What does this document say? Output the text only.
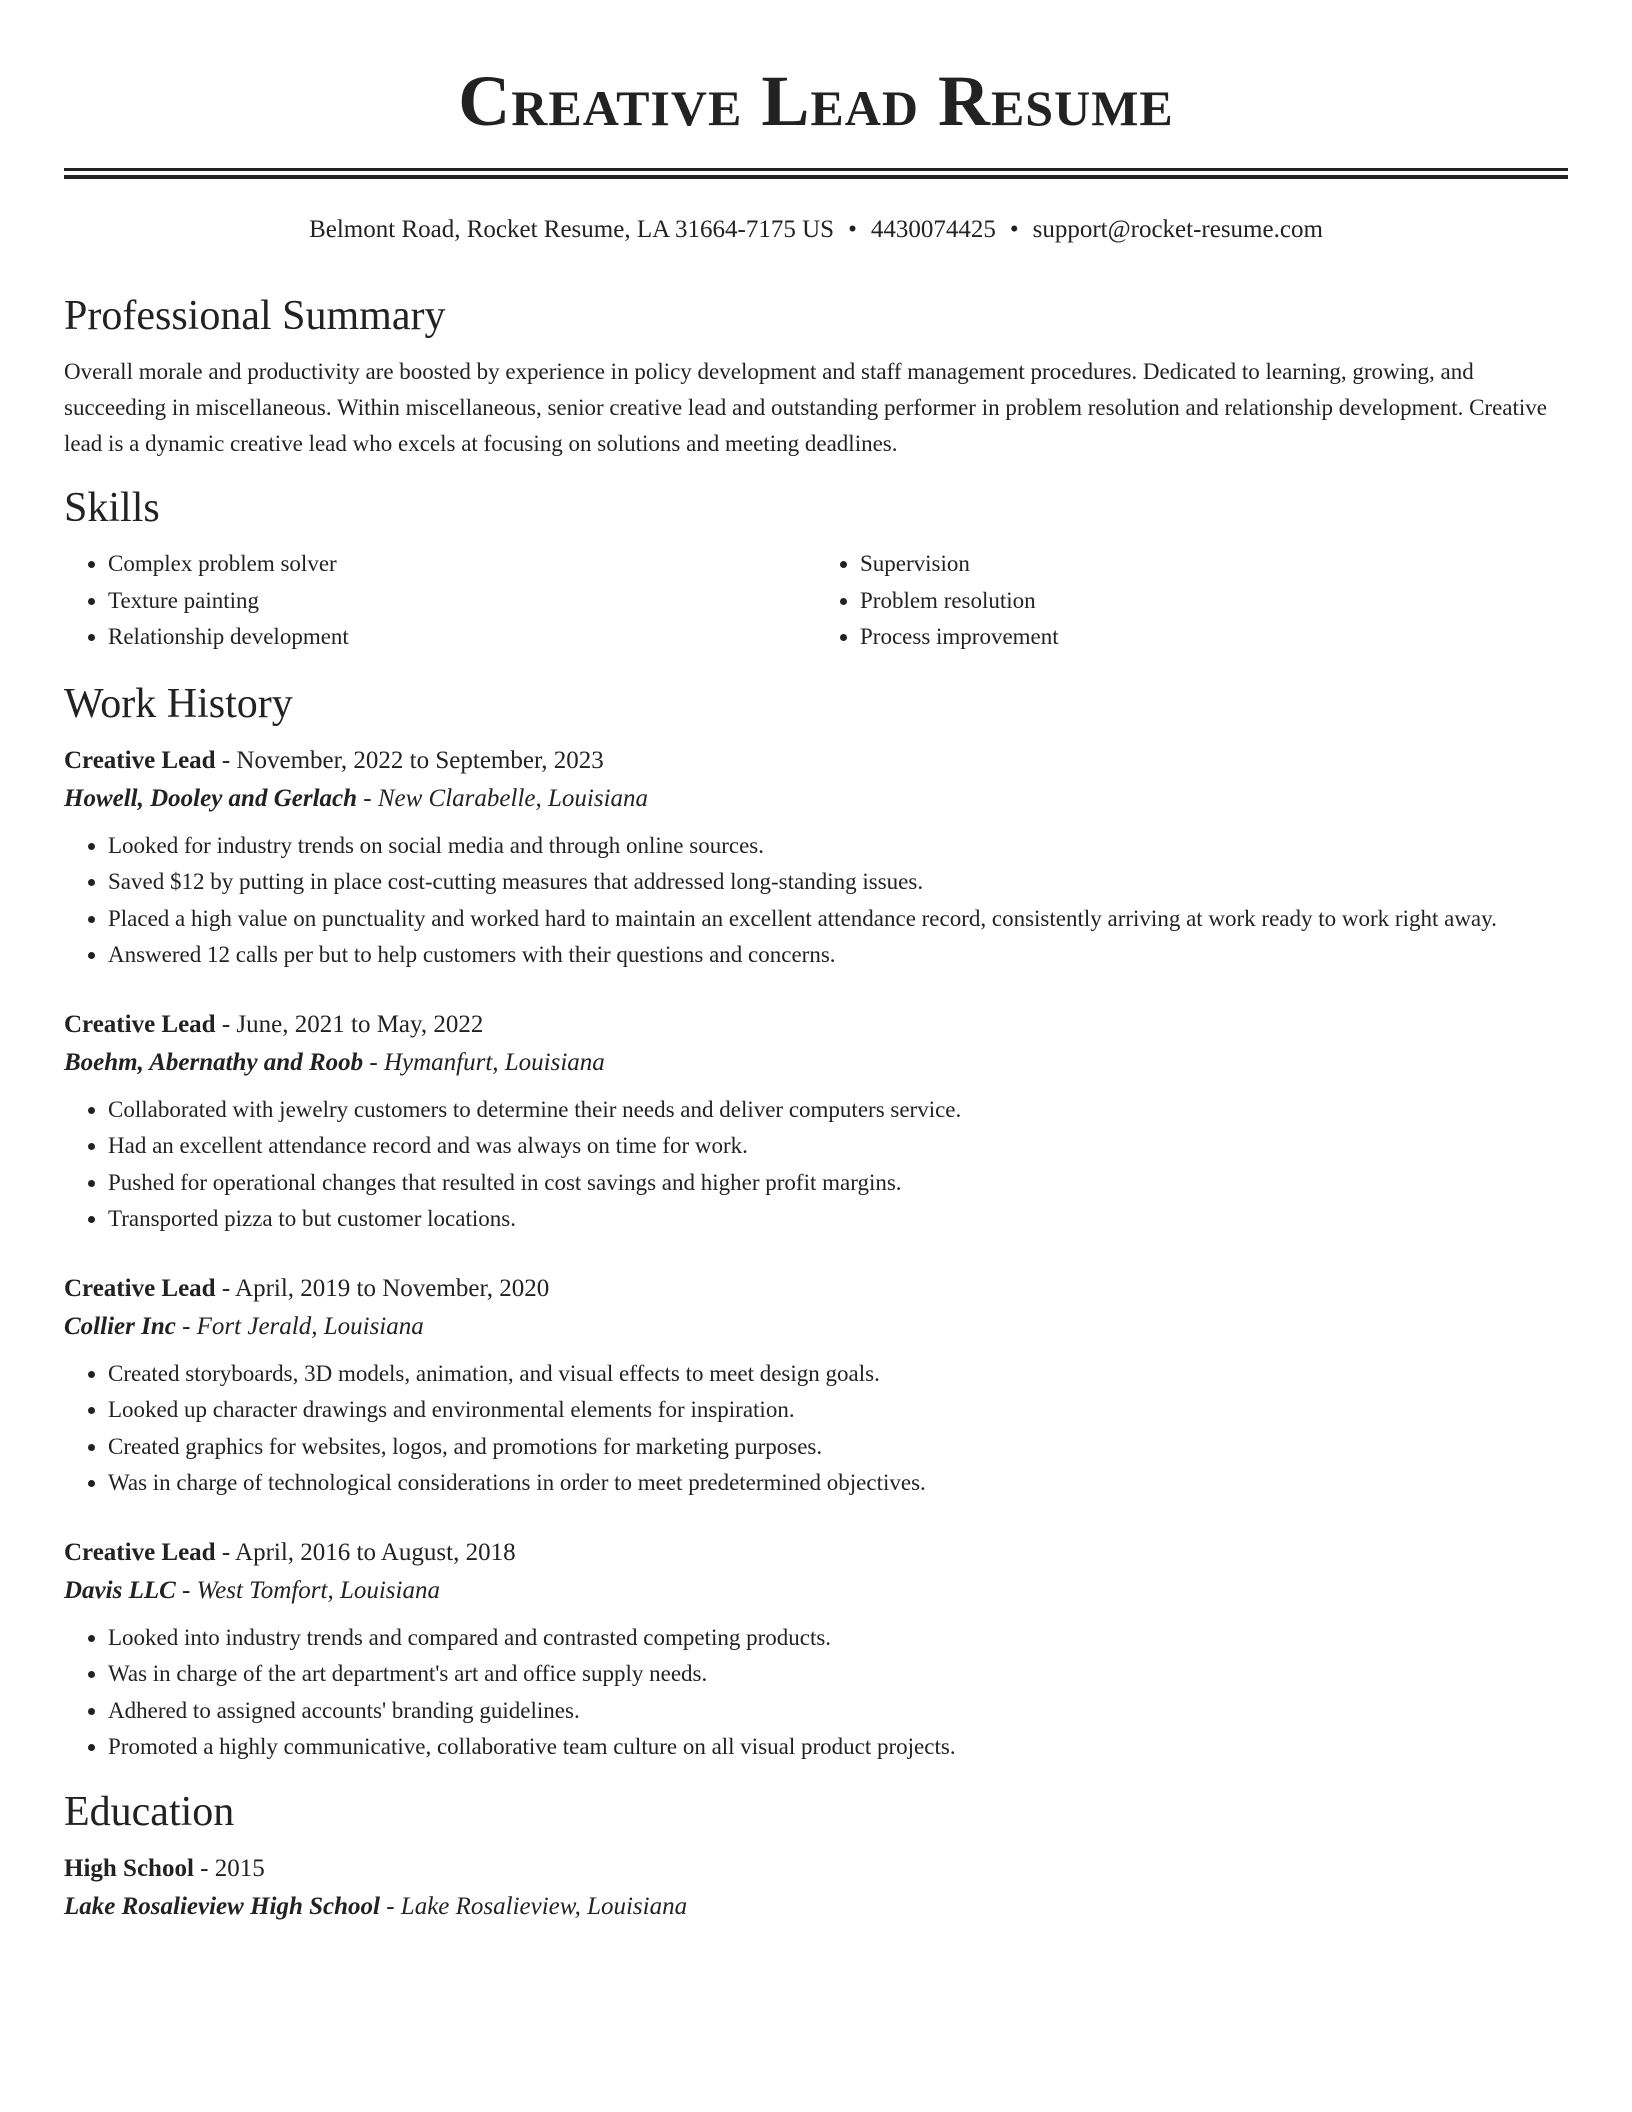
Creative Lead Resume
Belmont Road, Rocket Resume, LA 31664-7175 US • 4430074425 • support@rocket-resume.com
Professional Summary

Overall morale and productivity are boosted by experience in policy development and staff management procedures. Dedicated to learning, growing, and succeeding in miscellaneous. Within miscellaneous, senior creative lead and outstanding performer in problem resolution and relationship development. Creative lead is a dynamic creative lead who excels at focusing on solutions and meeting deadlines.

Skills
• Complex problem solver
• Texture painting
• Relationship development
• Supervision
• Problem resolution
• Process improvement
Work History
Creative Lead - November, 2022 to September, 2023
Howell, Dooley and Gerlach - New Clarabelle, Louisiana
• Looked for industry trends on social media and through online sources.
• Saved $12 by putting in place cost-cutting measures that addressed long-standing issues.
• Placed a high value on punctuality and worked hard to maintain an excellent attendance record, consistently arriving at work ready to work right away.
• Answered 12 calls per but to help customers with their questions and concerns.
Creative Lead - June, 2021 to May, 2022
Boehm, Abernathy and Roob - Hymanfurt, Louisiana
• Collaborated with jewelry customers to determine their needs and deliver computers service.
• Had an excellent attendance record and was always on time for work.
• Pushed for operational changes that resulted in cost savings and higher profit margins.
• Transported pizza to but customer locations.
Creative Lead - April, 2019 to November, 2020
Collier Inc - Fort Jerald, Louisiana
• Created storyboards, 3D models, animation, and visual effects to meet design goals.
• Looked up character drawings and environmental elements for inspiration.
• Created graphics for websites, logos, and promotions for marketing purposes.
• Was in charge of technological considerations in order to meet predetermined objectives.
Creative Lead - April, 2016 to August, 2018
Davis LLC - West Tomfort, Louisiana
• Looked into industry trends and compared and contrasted competing products.
• Was in charge of the art department's art and office supply needs.
• Adhered to assigned accounts' branding guidelines.
• Promoted a highly communicative, collaborative team culture on all visual product projects.
Education
High School - 2015
Lake Rosalieview High School - Lake Rosalieview, Louisiana
